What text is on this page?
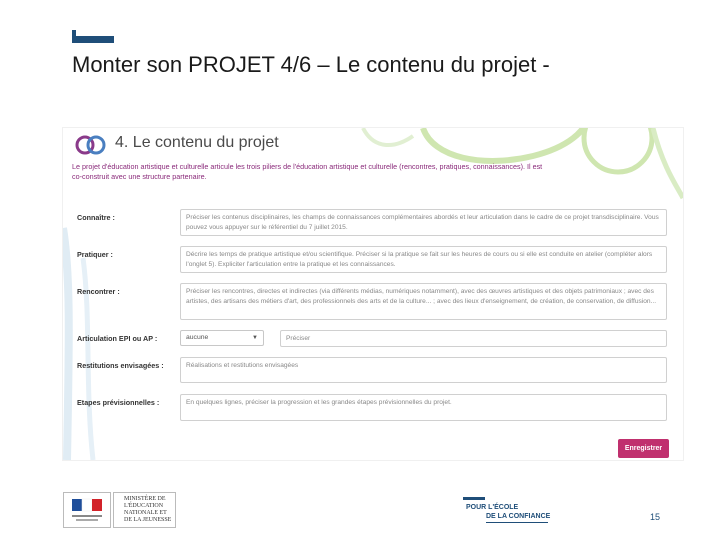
Monter son PROJET 4/6 – Le contenu du projet -
4. Le contenu du projet
Le projet d'éducation artistique et culturelle articule les trois piliers de l'éducation artistique et culturelle (rencontres, pratiques, connaissances). Il est co-construit avec une structure partenaire.
Connaître :	Préciser les contenus disciplinaires, les champs de connaissances complémentaires abordés et leur articulation dans le cadre de ce projet transdisciplinaire. Vous pouvez vous appuyer sur le référentiel du 7 juillet 2015.
Pratiquer :	Décrire les temps de pratique artistique et/ou scientifique. Préciser si la pratique se fait sur les heures de cours ou si elle est conduite en atelier (compléter alors l'onglet 5). Expliciter l'articulation entre la pratique et les connaissances.
Rencontrer :	Préciser les rencontres, directes et indirectes (via différents médias, numériques notamment), avec des œuvres artistiques et des objets patrimoniaux ; avec des artistes, des artisans des métiers d'art, des professionnels des arts et de la culture... ; avec des lieux d'enseignement, de création, de conservation, de diffusion...
Articulation EPI ou AP :	aucune	▼	Préciser
Restitutions envisagées :	Réalisations et restitutions envisagées
Etapes prévisionnelles :	En quelques lignes, préciser la progression et les grandes étapes prévisionnelles du projet.
Enregistrer
MINISTÈRE DE L'ÉDUCATION NATIONALE ET DE LA JEUNESSE
POUR L'ÉCOLE
DE LA CONFIANCE	15
